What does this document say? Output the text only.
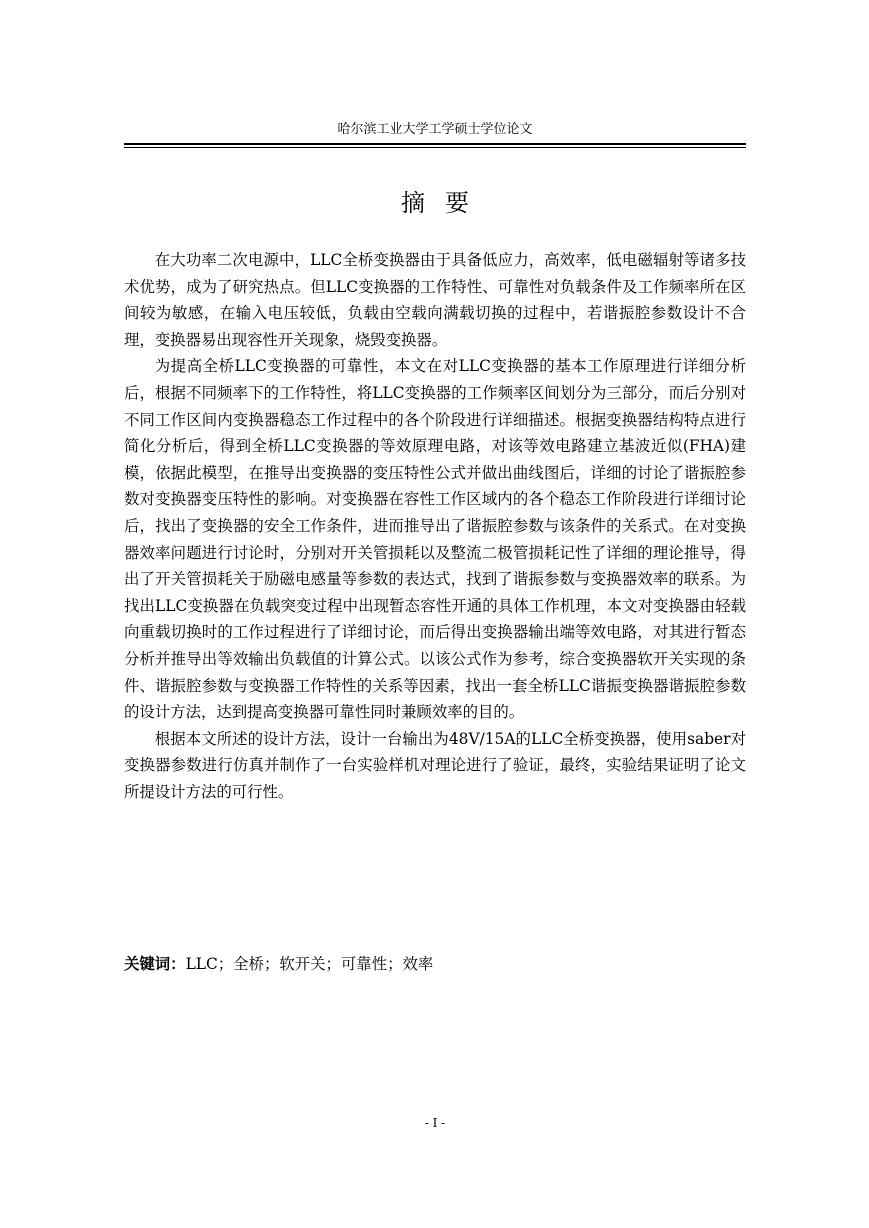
哈尔滨工业大学工学硕士学位论文
摘要

在大功率二次电源中，LLC全桥变换器由于具备低应力，高效率，低电磁辐射等诸多技术优势，成为了研究热点。但LLC变换器的工作特性、可靠性对负载条件及工作频率所在区间较为敏感，在输入电压较低，负载由空载向满载切换的过程中，若谐振腔参数设计不合理，变换器易出现容性开关现象，烧毁变换器。

为提高全桥LLC变换器的可靠性，本文在对LLC变换器的基本工作原理进行详细分析后，根据不同频率下的工作特性，将LLC变换器的工作频率区间划分为三部分，而后分别对不同工作区间内变换器稳态工作过程中的各个阶段进行详细描述。根据变换器结构特点进行简化分析后，得到全桥LLC变换器的等效原理电路，对该等效电路建立基波近似(FHA)建模，依据此模型，在推导出变换器的变压特性公式并做出曲线图后，详细的讨论了谐振腔参数对变换器变压特性的影响。对变换器在容性工作区域内的各个稳态工作阶段进行详细讨论后，找出了变换器的安全工作条件，进而推导出了谐振腔参数与该条件的关系式。在对变换器效率问题进行讨论时，分别对开关管损耗以及整流二极管损耗记性了详细的理论推导，得出了开关管损耗关于励磁电感量等参数的表达式，找到了谐振参数与变换器效率的联系。为找出LLC变换器在负载突变过程中出现暂态容性开通的具体工作机理，本文对变换器由轻载向重载切换时的工作过程进行了详细讨论，而后得出变换器输出端等效电路，对其进行暂态分析并推导出等效输出负载值的计算公式。以该公式作为参考，综合变换器软开关实现的条件、谐振腔参数与变换器工作特性的关系等因素，找出一套全桥LLC谐振变换器谐振腔参数的设计方法，达到提高变换器可靠性同时兼顾效率的目的。

根据本文所述的设计方法，设计一台输出为48V/15A的LLC全桥变换器，使用saber对变换器参数进行仿真并制作了一台实验样机对理论进行了验证，最终，实验结果证明了论文所提设计方法的可行性。

关键词：LLC；全桥；软开关；可靠性；效率
- I -
